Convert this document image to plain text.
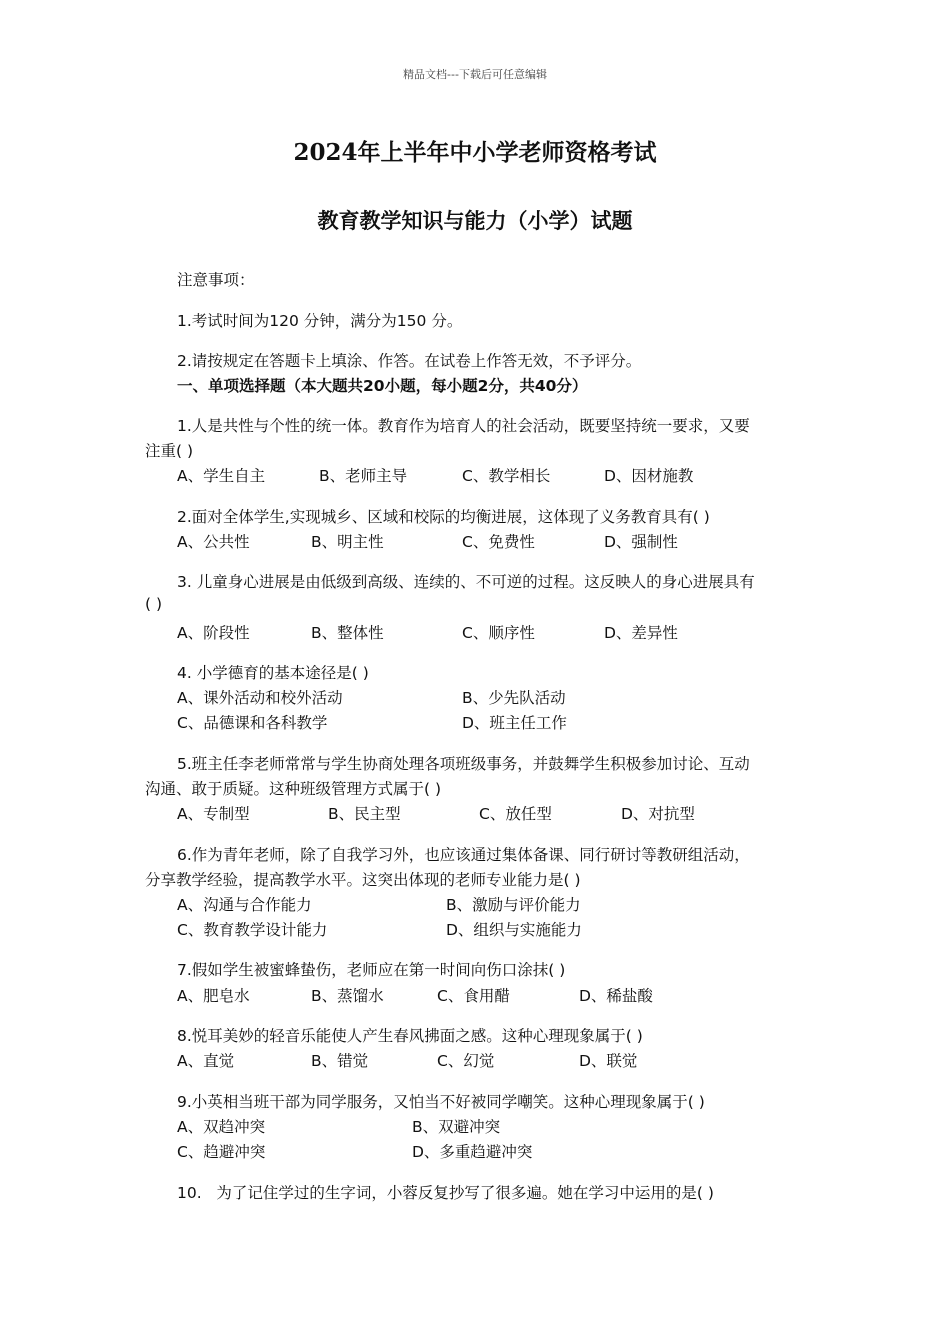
精品文档---下载后可任意编辑
2024年上半年中小学老师资格考试
教育教学知识与能力（小学）试题
注意事项：
1.考试时间为120 分钟，满分为150 分。
2.请按规定在答题卡上填涂、作答。在试卷上作答无效，不予评分。
一、单项选择题（本大题共20小题，每小题2分，共40分）
1.人是共性与个性的统一体。教育作为培育人的社会活动，既要坚持统一要求，又要
注重( )
A、学生自主	B、老师主导	C、教学相长	D、因材施教
2.面对全体学生,实现城乡、区域和校际的均衡进展，这体现了义务教育具有( )
A、公共性	B、明主性	C、免费性	D、强制性
3. 儿童身心进展是由低级到高级、连续的、不可逆的过程。这反映人的身心进展具有
( )
A、阶段性	B、整体性	C、顺序性	D、差异性
4. 小学德育的基本途径是( )
A、课外活动和校外活动	B、少先队活动
C、品德课和各科教学	D、班主任工作
5.班主任李老师常常与学生协商处理各项班级事务，并鼓舞学生积极参加讨论、互动
沟通、敢于质疑。这种班级管理方式属于( )
A、专制型	B、民主型	C、放任型	D、对抗型
6.作为青年老师，除了自我学习外，也应该通过集体备课、同行研讨等教研组活动，
分享教学经验，提高教学水平。这突出体现的老师专业能力是( )
A、沟通与合作能力	B、激励与评价能力
C、教育教学设计能力	D、组织与实施能力
7.假如学生被蜜蜂蛰伤，老师应在第一时间向伤口涂抹( )
A、肥皂水	B、蒸馏水	C、食用醋	D、稀盐酸
8.悦耳美妙的轻音乐能使人产生春风拂面之感。这种心理现象属于( )
A、直觉	B、错觉	C、幻觉	D、联觉
9.小英相当班干部为同学服务，又怕当不好被同学嘲笑。这种心理现象属于( )
A、双趋冲突	B、双避冲突
C、趋避冲突	D、多重趋避冲突
10.   为了记住学过的生字词，小蓉反复抄写了很多遍。她在学习中运用的是( )
